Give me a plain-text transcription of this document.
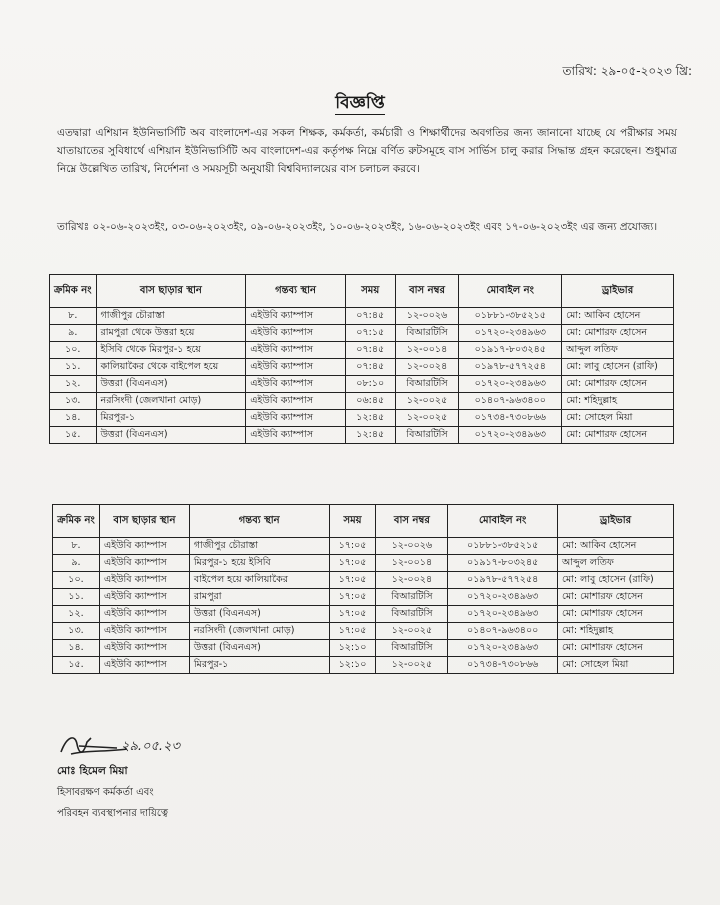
তারিখ: ২৯-০৫-২০২৩ খ্রি:
বিজ্ঞপ্তি
এতদ্বারা এশিয়ান ইউনিভার্সিটি অব বাংলাদেশ-এর সকল শিক্ষক, কর্মকর্তা, কর্মচারী ও শিক্ষার্থীদের অবগতির জন্য জানানো যাচ্ছে যে পরীক্ষার সময় যাতায়াতের সুবিধার্থে এশিয়ান ইউনিভার্সিটি অব বাংলাদেশ-এর কর্তৃপক্ষ নিম্নে বর্ণিত রুটসমূহে বাস সার্ভিস চালু করার সিদ্ধান্ত গ্রহন করেছেন। শুধুমাত্র নিম্নে উল্লেখিত তারিখ, নির্দেশনা ও সময়সূচী অনুযায়ী বিশ্ববিদ্যালয়ের বাস চলাচল করবে।
তারিখঃ ০২-০৬-২০২৩ইং, ০৩-০৬-২০২৩ইং, ০৯-০৬-২০২৩ইং, ১০-০৬-২০২৩ইং, ১৬-০৬-২০২৩ইং এবং ১৭-০৬-২০২৩ইং এর জন্য প্রযোজ্য।
ক্রমিক নং	বাস ছাড়ার স্থান	গন্তব্য স্থান	সময়	বাস নম্বর	মোবাইল নং	ড্রাইভার
৮.	গাজীপুর চৌরাস্তা	এইউবি ক্যাম্পাস	০৭:৪৫	১২-০০২৬	০১৮৮১-৩৮৫২১৫	মো: আকিব হোসেন
৯.	রামপুরা থেকে উত্তরা হয়ে	এইউবি ক্যাম্পাস	০৭:১৫	বিআরটিসি	০১৭২০-২৩৪৯৬৩	মো: মোশারফ হোসেন
১০.	ইসিবি থেকে মিরপুর-১ হয়ে	এইউবি ক্যাম্পাস	০৭:৪৫	১২-০০১৪	০১৯১৭-৮০৩২৪৫	আব্দুল লতিফ
১১.	কালিয়াকৈর থেকে বাইপেল হয়ে	এইউবি ক্যাম্পাস	০৭:৪৫	১২-০০২৪	০১৯৭৮-৫৭৭২৫৪	মো: লাবু হোসেন (রাফি)
১২.	উত্তরা (বিএনএস)	এইউবি ক্যাম্পাস	০৮:১০	বিআরটিসি	০১৭২০-২৩৪৯৬৩	মো: মোশারফ হোসেন
১৩.	নরসিংদী (জেলখানা মোড়)	এইউবি ক্যাম্পাস	০৬:৪৫	১২-০০২৫	০১৪০৭-৯৬৩৪০০	মো: শহিদুল্লাহ
১৪.	মিরপুর-১	এইউবি ক্যাম্পাস	১২:৪৫	১২-০০২৫	০১৭৩৪-৭৩০৮৬৬	মো: সোহেল মিয়া
১৫.	উত্তরা (বিএনএস)	এইউবি ক্যাম্পাস	১২:৪৫	বিআরটিসি	০১৭২০-২৩৪৯৬৩	মো: মোশারফ হোসেন
ক্রমিক নং	বাস ছাড়ার স্থান	গন্তব্য স্থান	সময়	বাস নম্বর	মোবাইল নং	ড্রাইভার
৮.	এইউবি ক্যাম্পাস	গাজীপুর চৌরাস্তা	১৭:০৫	১২-০০২৬	০১৮৮১-৩৮৫২১৫	মো: আকিব হোসেন
৯.	এইউবি ক্যাম্পাস	মিরপুর-১ হয়ে ইসিবি	১৭:০৫	১২-০০১৪	০১৯১৭-৮০৩২৪৫	আব্দুল লতিফ
১০.	এইউবি ক্যাম্পাস	বাইপেল হয়ে কালিয়াকৈর	১৭:০৫	১২-০০২৪	০১৯৭৮-৫৭৭২৫৪	মো: লাবু হোসেন (রাফি)
১১.	এইউবি ক্যাম্পাস	রামপুরা	১৭:০৫	বিআরটিসি	০১৭২০-২৩৪৯৬৩	মো: মোশারফ হোসেন
১২.	এইউবি ক্যাম্পাস	উত্তরা (বিএনএস)	১৭:০৫	বিআরটিসি	০১৭২০-২৩৪৯৬৩	মো: মোশারফ হোসেন
১৩.	এইউবি ক্যাম্পাস	নরসিংদী (জেলখানা মোড়)	১৭:০৫	১২-০০২৫	০১৪০৭-৯৬৩৪০০	মো: শহিদুল্লাহ
১৪.	এইউবি ক্যাম্পাস	উত্তরা (বিএনএস)	১২:১০	বিআরটিসি	০১৭২০-২৩৪৯৬৩	মো: মোশারফ হোসেন
১৫.	এইউবি ক্যাম্পাস	মিরপুর-১	১২:১০	১২-০০২৫	০১৭৩৪-৭৩০৮৬৬	মো: সোহেল মিয়া
২৯.০৫.২৩
মোঃ হিমেল মিয়া
হিসাবরক্ষণ কর্মকর্তা এবং
পরিবহন ব্যবস্থাপনার দায়িত্বে
